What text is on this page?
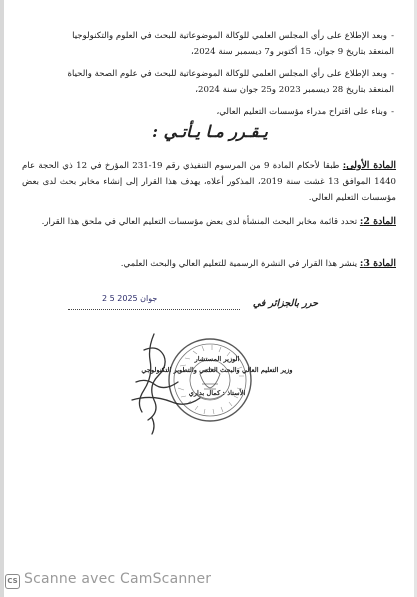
-وبعد الإطلاع على رأي المجلس العلمي للوكالة الموضوعاتية للبحث في العلوم والتكنولوجيا

المنعقد بتاريخ 9 جوان، 15 أكتوبر و7 ديسمبر سنة 2024،

-وبعد الإطلاع على رأي المجلس العلمي للوكالة الموضوعاتية للبحث في علوم الصحة والحياة

المنعقد بتاريخ 28 ديسمبر 2023 و25 جوان سنة 2024،

-وبناء على اقتراح مدراء مؤسسات التعليم العالي،

يـقـرر مـا يـأتـي :

المادة الأولى: طبقا لأحكام المادة 9 من المرسوم التنفيذي رقم 19-231 المؤرخ في 12 ذي الحجة عام 1440 الموافق 13 غشت سنة 2019، المذكور أعلاه، يهدف هذا القرار إلى إنشاء مخابر بحث لدى بعض مؤسسات التعليم العالي.

المادة 2: تحدد قائمة مخابر البحث المنشأة لدى بعض مؤسسات التعليم العالي في ملحق هذا القرار.

المادة 3: ينشر هذا القرار في النشرة الرسمية للتعليم العالي والبحث العلمي.

حرر بالجزائر في
2 5 جوان 2025

الوزير المستشار

وزير التعليم العالي والبحث العلمي والتطوير التكنولوجي

الأستاذ : كمال بداري

CS Scanne avec CamScanner
